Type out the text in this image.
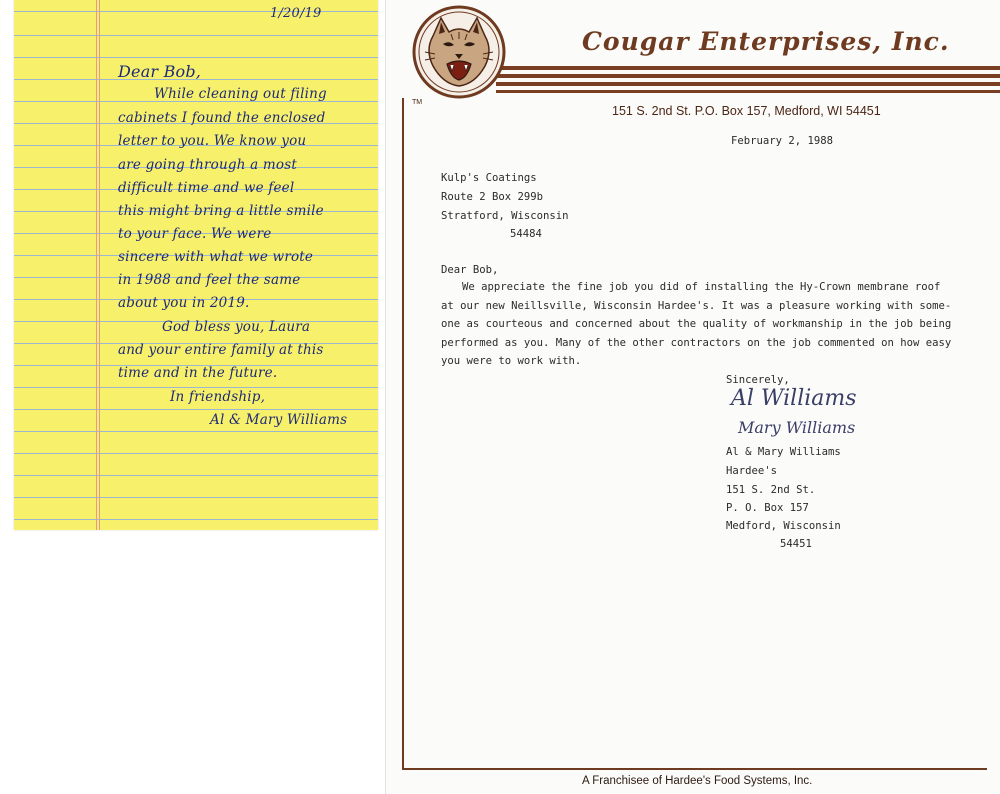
1/20/19
Dear Bob,
While cleaning out filing
cabinets I found the enclosed
letter to you. We know you
are going through a most
difficult time and we feel
this might bring a little smile
to your face. We were
sincere with what we wrote
in 1988 and feel the same
about you in 2019.
God bless you, Laura
and your entire family at this
time and in the future.
In friendship,
Al & Mary Williams
Cougar Enterprises, Inc.
TM
151 S. 2nd St. P.O. Box 157, Medford, WI 54451
February 2, 1988
Kulp's Coatings
Route 2 Box 299b
Stratford, Wisconsin
54484
Dear Bob,
We appreciate the fine job you did of installing the Hy-Crown membrane roof
at our new Neillsville, Wisconsin Hardee's. It was a pleasure working with some-
one as courteous and concerned about the quality of workmanship in the job being
performed as you. Many of the other contractors on the job commented on how easy
you were to work with.
Sincerely,
Al Williams
Mary Williams
Al & Mary Williams
Hardee's
151 S. 2nd St.
P. O. Box 157
Medford, Wisconsin
54451
A Franchisee of Hardee's Food Systems, Inc.
